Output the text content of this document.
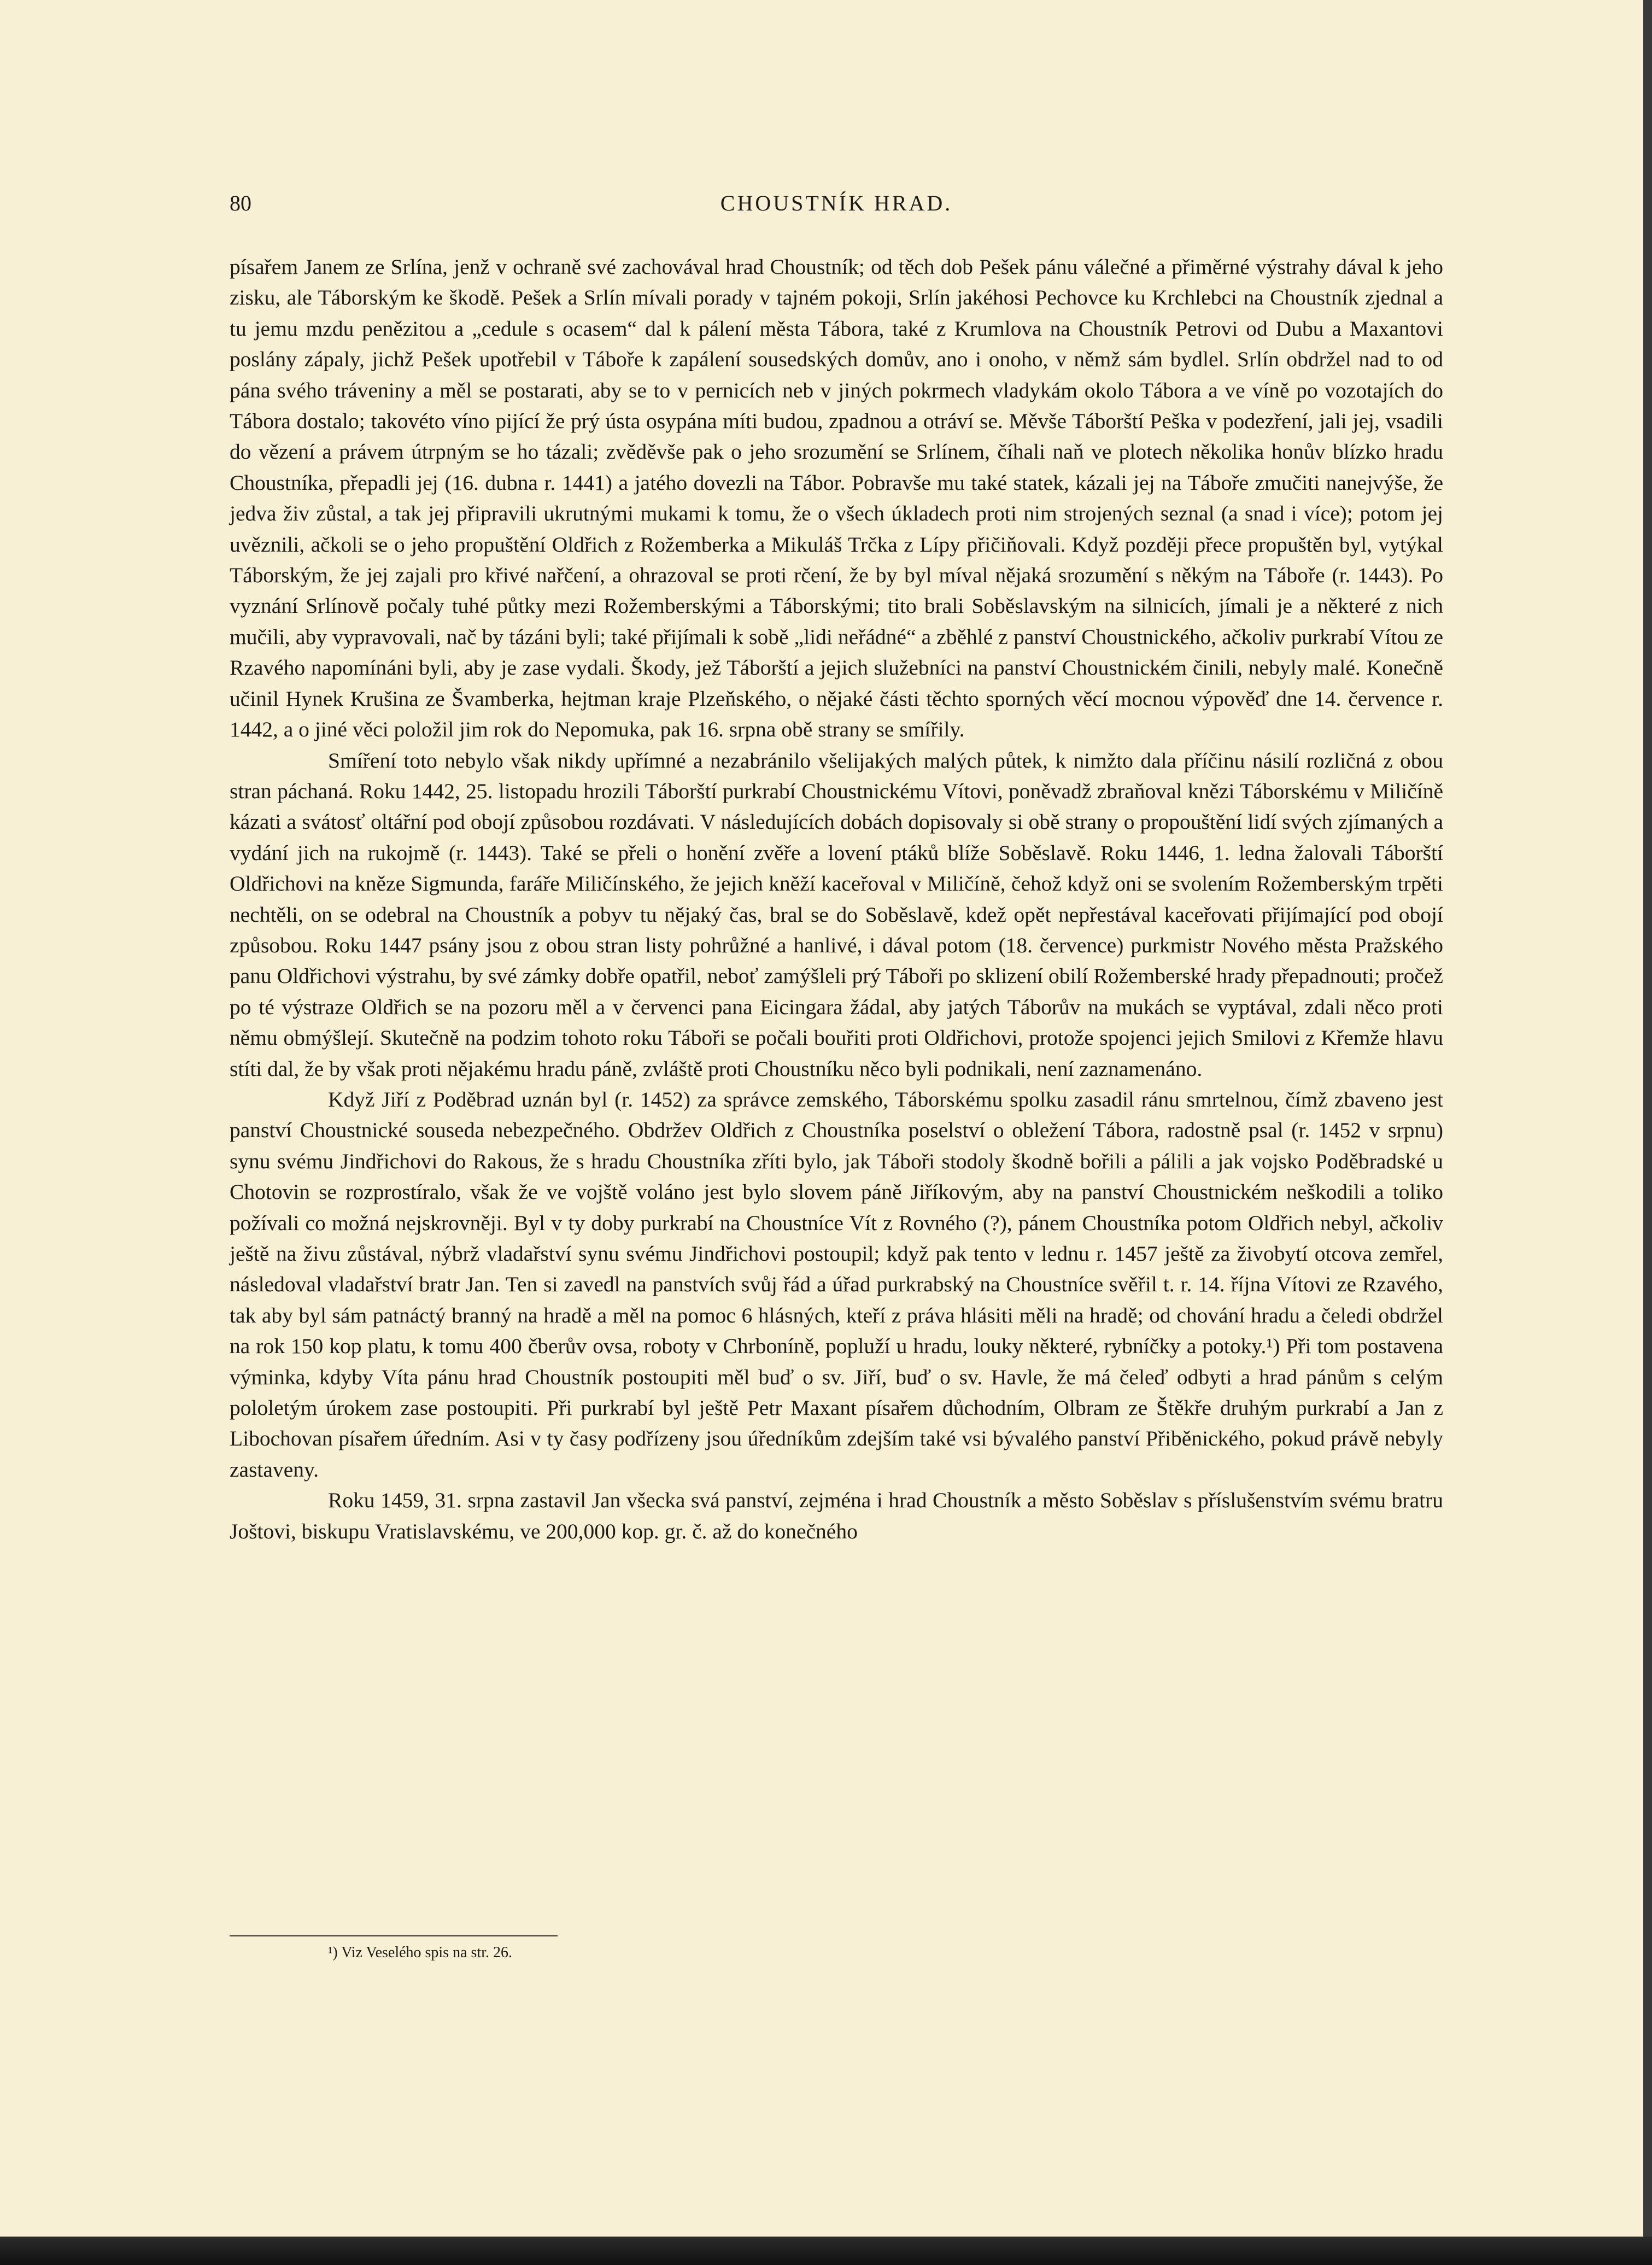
80	CHOUSTNÍK HRAD.

písařem Janem ze Srlína, jenž v ochraně své zachovával hrad Choustník; od těch dob Pešek pánu válečné a přiměrné výstrahy dával k jeho zisku, ale Táborským ke škodě. Pešek a Srlín mívali porady v tajném pokoji, Srlín jakéhosi Pechovce ku Krchlebci na Choustník zjednal a tu jemu mzdu penězitou a „cedule s ocasem“ dal k pálení města Tábora, také z Krumlova na Choustník Petrovi od Dubu a Maxantovi poslány zápaly, jichž Pešek upotřebil v Táboře k zapálení sousedských domův, ano i onoho, v němž sám bydlel. Srlín obdržel nad to od pána svého tráveniny a měl se postarati, aby se to v pernicích neb v jiných pokrmech vladykám okolo Tábora a ve víně po vozotajích do Tábora dostalo; takovéto víno pijící že prý ústa osypána míti budou, zpadnou a otráví se. Měvše Táborští Peška v podezření, jali jej, vsadili do vězení a právem útrpným se ho tázali; zvěděvše pak o jeho srozumění se Srlínem, číhali naň ve plotech několika honův blízko hradu Choustníka, přepadli jej (16. dubna r. 1441) a jatého dovezli na Tábor. Pobravše mu také statek, kázali jej na Táboře zmučiti nanejvýše, že jedva živ zůstal, a tak jej připravili ukrutnými mukami k tomu, že o všech úkladech proti nim strojených seznal (a snad i více); potom jej uvěznili, ačkoli se o jeho propuštění Oldřich z Rožemberka a Mikuláš Trčka z Lípy přičiňovali. Když později přece propuštěn byl, vytýkal Táborským, že jej zajali pro křivé nařčení, a ohrazoval se proti rčení, že by byl míval nějaká srozumění s někým na Táboře (r. 1443). Po vyznání Srlínově počaly tuhé půtky mezi Rožemberskými a Táborskými; tito brali Soběslavským na silnicích, jímali je a některé z nich mučili, aby vypravovali, nač by tázáni byli; také přijímali k sobě „lidi neřádné“ a zběhlé z panství Choustnického, ačkoliv purkrabí Vítou ze Rzavého napomínáni byli, aby je zase vydali. Škody, jež Táborští a jejich služebníci na panství Choustnickém činili, nebyly malé. Konečně učinil Hynek Krušina ze Švamberka, hejtman kraje Plzeňského, o nějaké části těchto sporných věcí mocnou výpověď dne 14. července r. 1442, a o jiné věci položil jim rok do Nepomuka, pak 16. srpna obě strany se smířily.

Smíření toto nebylo však nikdy upřímné a nezabránilo všelijakých malých půtek, k nimžto dala příčinu násilí rozličná z obou stran páchaná. Roku 1442, 25. listopadu hrozili Táborští purkrabí Choustnickému Vítovi, poněvadž zbraňoval knězi Táborskému v Miličíně kázati a svátosť oltářní pod obojí způsobou rozdávati. V následujících dobách dopisovaly si obě strany o propouštění lidí svých zjímaných a vydání jich na rukojmě (r. 1443). Také se přeli o honění zvěře a lovení ptáků blíže Soběslavě. Roku 1446, 1. ledna žalovali Táborští Oldřichovi na kněze Sigmunda, faráře Miličínského, že jejich kněží kaceřoval v Miličíně, čehož když oni se svolením Rožemberským trpěti nechtěli, on se odebral na Choustník a pobyv tu nějaký čas, bral se do Soběslavě, kdež opět nepřestával kaceřovati přijímající pod obojí způsobou. Roku 1447 psány jsou z obou stran listy pohrůžné a hanlivé, i dával potom (18. července) purkmistr Nového města Pražského panu Oldřichovi výstrahu, by své zámky dobře opatřil, neboť zamýšleli prý Táboři po sklizení obilí Rožemberské hrady přepadnouti; pročež po té výstraze Oldřich se na pozoru měl a v červenci pana Eicingara žádal, aby jatých Táborův na mukách se vyptával, zdali něco proti němu obmýšlejí. Skutečně na podzim tohoto roku Táboři se počali bouřiti proti Oldřichovi, protože spojenci jejich Smilovi z Křemže hlavu stíti dal, že by však proti nějakému hradu páně, zvláště proti Choustníku něco byli podnikali, není zaznamenáno.

Když Jiří z Poděbrad uznán byl (r. 1452) za správce zemského, Táborskému spolku zasadil ránu smrtelnou, čímž zbaveno jest panství Choustnické souseda nebezpečného. Obdržev Oldřich z Choustníka poselství o obležení Tábora, radostně psal (r. 1452 v srpnu) synu svému Jindřichovi do Rakous, že s hradu Choustníka zříti bylo, jak Táboři stodoly škodně bořili a pálili a jak vojsko Poděbradské u Chotovin se rozprostíralo, však že ve vojště voláno jest bylo slovem páně Jiříkovým, aby na panství Choustnickém neškodili a toliko požívali co možná nejskrovněji. Byl v ty doby purkrabí na Choustníce Vít z Rovného (?), pánem Choustníka potom Oldřich nebyl, ačkoliv ještě na živu zůstával, nýbrž vladařství synu svému Jindřichovi postoupil; když pak tento v lednu r. 1457 ještě za živobytí otcova zemřel, následoval vladařství bratr Jan. Ten si zavedl na panstvích svůj řád a úřad purkrabský na Choustníce svěřil t. r. 14. října Vítovi ze Rzavého, tak aby byl sám patnáctý branný na hradě a měl na pomoc 6 hlásných, kteří z práva hlásiti měli na hradě; od chování hradu a čeledi obdržel na rok 150 kop platu, k tomu 400 čberův ovsa, roboty v Chrboníně, popluží u hradu, louky některé, rybníčky a potoky.¹) Při tom postavena výminka, kdyby Víta pánu hrad Choustník postoupiti měl buď o sv. Jiří, buď o sv. Havle, že má čeleď odbyti a hrad pánům s celým pololetým úrokem zase postoupiti. Při purkrabí byl ještě Petr Maxant písařem důchodním, Olbram ze Štěkře druhým purkrabí a Jan z Libochovan písařem úředním. Asi v ty časy podřízeny jsou úředníkům zdejším také vsi bývalého panství Přiběnického, pokud právě nebyly zastaveny.

Roku 1459, 31. srpna zastavil Jan všecka svá panství, zejména i hrad Choustník a město Soběslav s příslušenstvím svému bratru Joštovi, biskupu Vratislavskému, ve 200,000 kop. gr. č. až do konečného

¹) Viz Veselého spis na str. 26.
